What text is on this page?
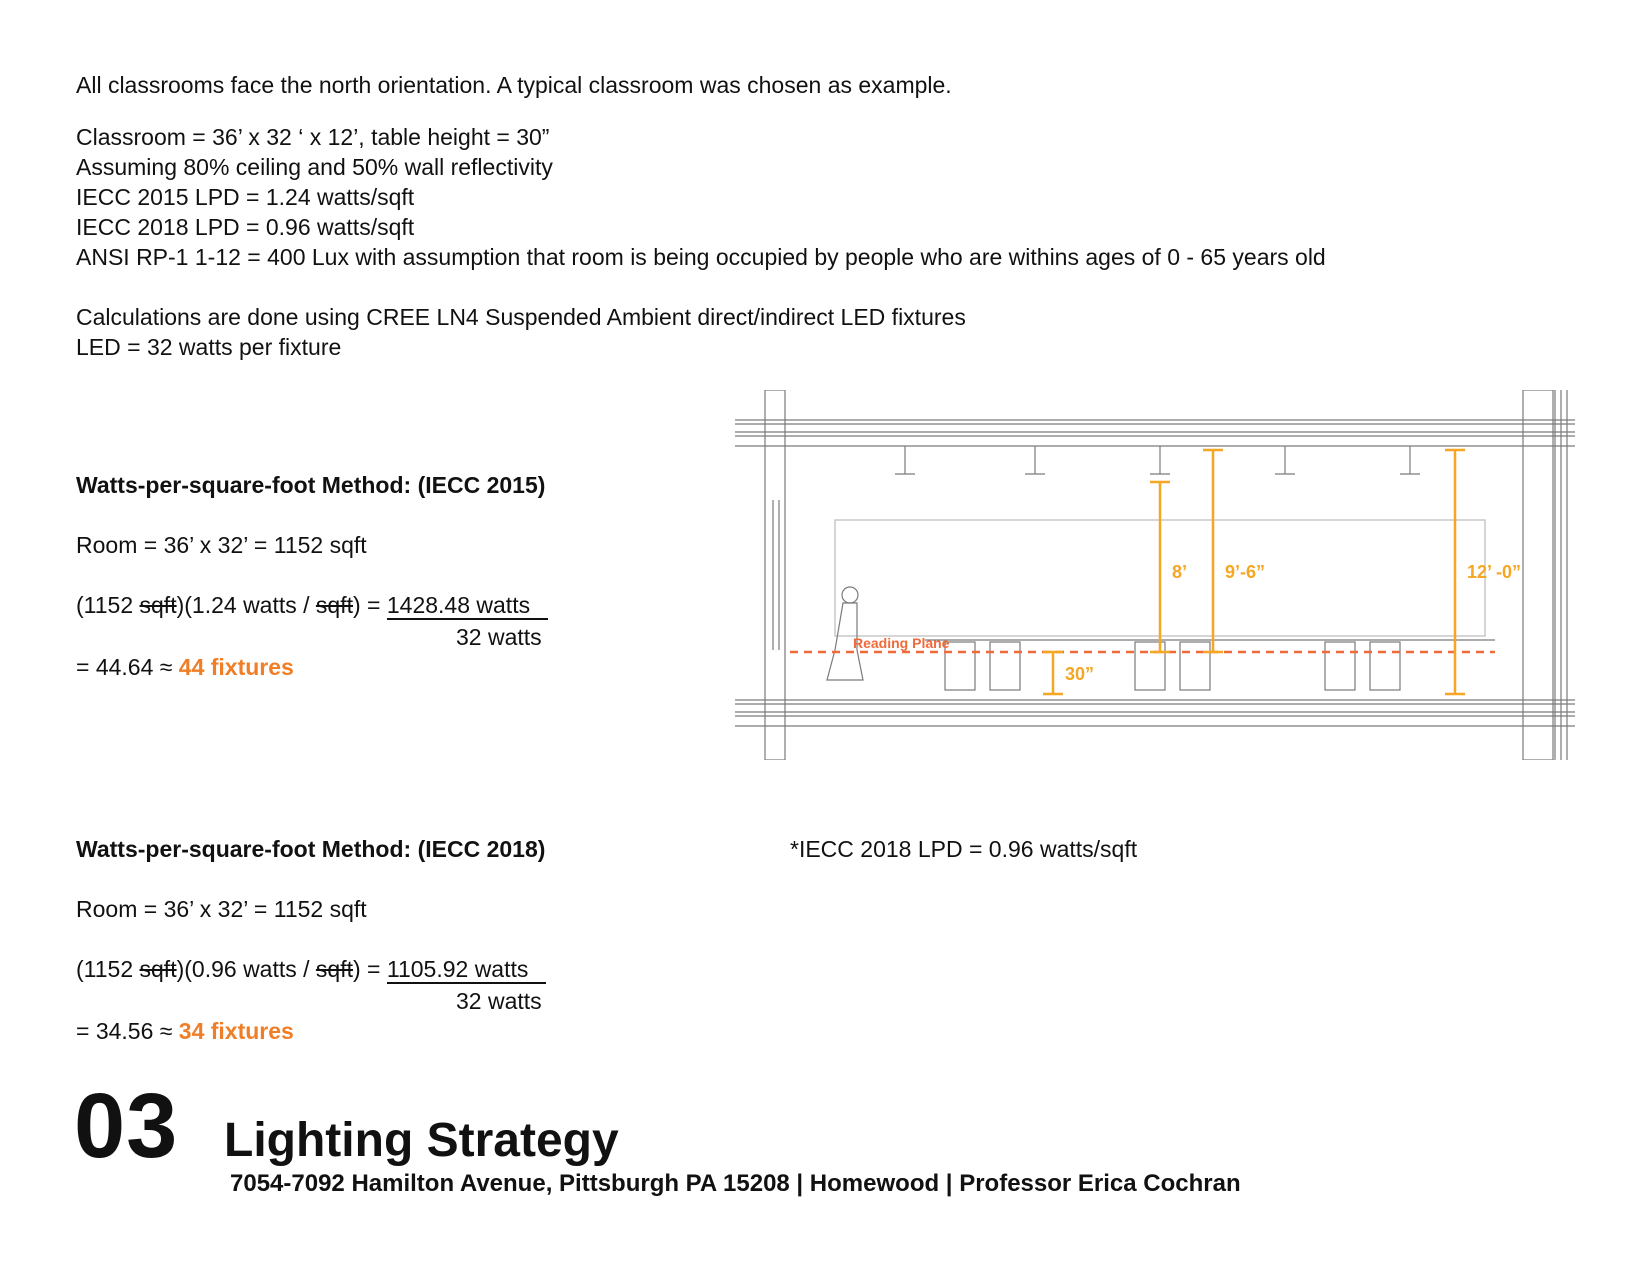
All classrooms face the north orientation. A typical classroom was chosen as example.
Classroom = 36’ x 32 ‘ x 12’, table height = 30”
Assuming 80% ceiling and 50% wall reflectivity
IECC 2015 LPD = 1.24 watts/sqft
IECC 2018 LPD = 0.96 watts/sqft
ANSI RP-1 1-12 = 400 Lux with assumption that room is being occupied by people who are withins ages of 0 - 65 years old
Calculations are done using CREE LN4 Suspended Ambient direct/indirect LED fixtures
LED = 32 watts per fixture
Watts-per-square-foot Method: (IECC 2015)
Room = 36’ x 32’ = 1152 sqft
(1152 sqft)(1.24 watts / sqft) = 1428.48 watts
32 watts
= 44.64 ≈ 44 fixtures
Watts-per-square-foot Method: (IECC 2018)	*IECC 2018 LPD = 0.96 watts/sqft
Room = 36’ x 32’ = 1152 sqft
(1152 sqft)(0.96 watts / sqft) = 1105.92 watts
32 watts
= 34.56 ≈ 34 fixtures
Reading Plane
8’ 9’-6”	12’ -0”
30”
03 Lighting Strategy
7054-7092 Hamilton Avenue, Pittsburgh PA 15208 | Homewood | Professor Erica Cochran
